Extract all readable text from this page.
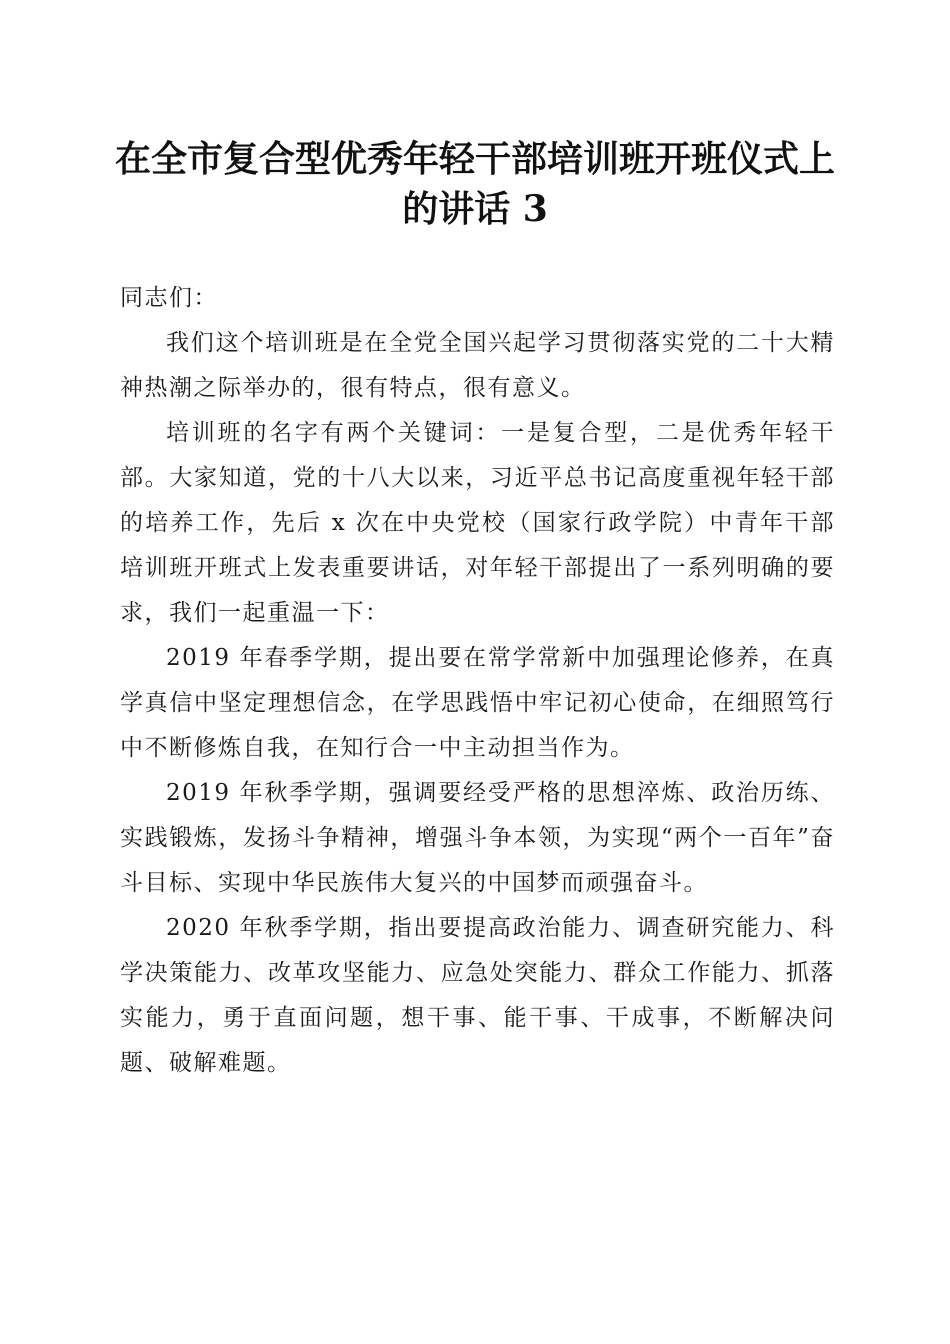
在全市复合型优秀年轻干部培训班开班仪式上
的讲话 3

同志们：

我们这个培训班是在全党全国兴起学习贯彻落实党的二十大精神热潮之际举办的，很有特点，很有意义。

培训班的名字有两个关键词：一是复合型，二是优秀年轻干部。大家知道，党的十八大以来，习近平总书记高度重视年轻干部的培养工作，先后 x 次在中央党校（国家行政学院）中青年干部培训班开班式上发表重要讲话，对年轻干部提出了一系列明确的要求，我们一起重温一下：

2019 年春季学期，提出要在常学常新中加强理论修养，在真学真信中坚定理想信念，在学思践悟中牢记初心使命，在细照笃行中不断修炼自我，在知行合一中主动担当作为。

2019 年秋季学期，强调要经受严格的思想淬炼、政治历练、实践锻炼，发扬斗争精神，增强斗争本领，为实现“两个一百年”奋斗目标、实现中华民族伟大复兴的中国梦而顽强奋斗。

2020 年秋季学期，指出要提高政治能力、调查研究能力、科学决策能力、改革攻坚能力、应急处突能力、群众工作能力、抓落实能力，勇于直面问题，想干事、能干事、干成事，不断解决问题、破解难题。
